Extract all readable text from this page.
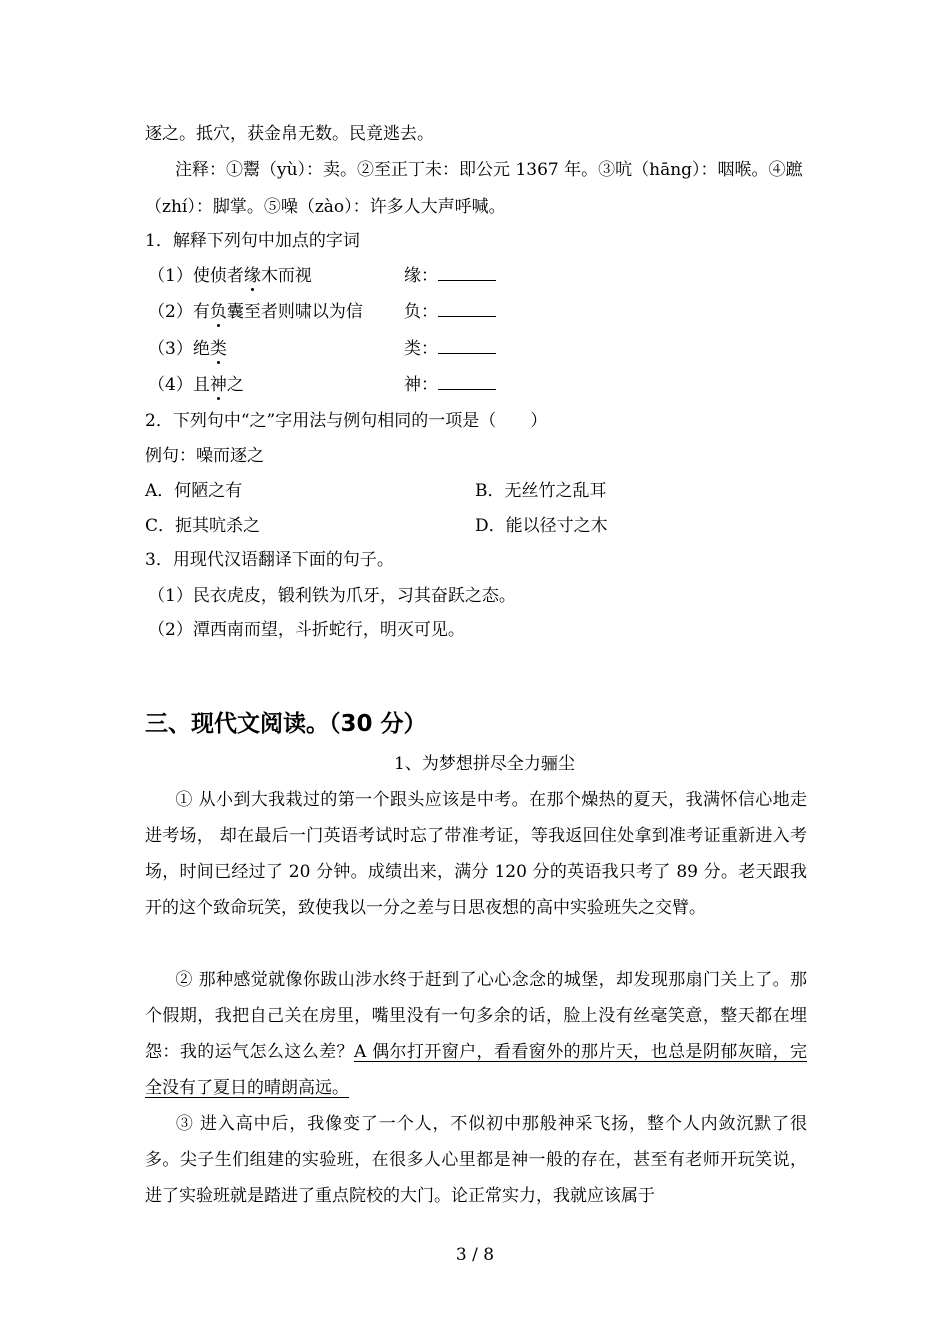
逐之。抵穴，获金帛无数。民竟逃去。
注释：①鬻（yù）：卖。②至正丁未：即公元 1367 年。③吭（hāng）：咽喉。④蹠
（zhí）：脚掌。⑤噪（zào）：许多人大声呼喊。
1．解释下列句中加点的字词
（1）使侦者缘木而视	缘：
（2）有负囊至者则啸以为信 负：
（3）绝类	类：
（4）且神之	神：
2．下列句中“之”字用法与例句相同的一项是（　　）
例句：噪而逐之
A．何陋之有	B．无丝竹之乱耳
C．扼其吭杀之	D．能以径寸之木
3．用现代汉语翻译下面的句子。
（1）民衣虎皮，锻利铁为爪牙，习其奋跃之态。
（2）潭西南而望，斗折蛇行，明灭可见。
三、现代文阅读。（30 分）
1、为梦想拼尽全力骊尘
① 从小到大我栽过的第一个跟头应该是中考。在那个燥热的夏天，我满怀信心地走进考场， 却在最后一门英语考试时忘了带准考证，等我返回住处拿到准考证重新进入考场，时间已经过了 20 分钟。成绩出来，满分 120 分的英语我只考了 89 分。老天跟我开的这个致命玩笑，致使我以一分之差与日思夜想的高中实验班失之交臂。
② 那种感觉就像你跋山涉水终于赶到了心心念念的城堡，却发现那扇门关上了。那个假期，我把自己关在房里，嘴里没有一句多余的话，脸上没有丝毫笑意，整天都在埋怨：我的运气怎么这么差？A 偶尔打开窗户，看看窗外的那片天，也总是阴郁灰暗，完全没有了夏日的晴朗高远。
③ 进入高中后，我像变了一个人，不似初中那般神采飞扬，整个人内敛沉默了很多。尖子生们组建的实验班，在很多人心里都是神一般的存在，甚至有老师开玩笑说，进了实验班就是踏进了重点院校的大门。论正常实力，我就应该属于
3 / 8
